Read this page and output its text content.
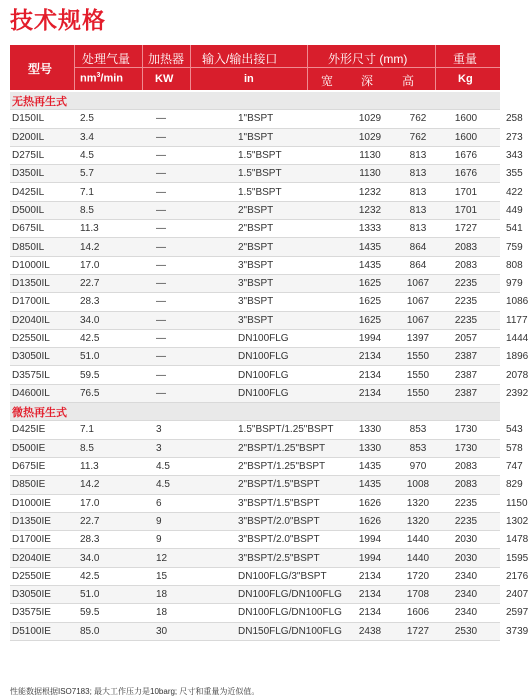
技术规格
型号
处理气量
$nm^3/\min$
加热器
KW
输入/输出接口
in
外形尺寸 (mm)
宽 深 高
重量
Kg
无热再生式							
D150IL	2.5	—	1"BSPT	1029	762	1600	258
D200IL	3.4	—	1"BSPT	1029	762	1600	273
D275IL	4.5	—	1.5"BSPT	1130	813	1676	343
D350IL	5.7	—	1.5"BSPT	1130	813	1676	355
D425IL	7.1	—	1.5"BSPT	1232	813	1701	422
D500IL	8.5	—	2"BSPT	1232	813	1701	449
D675IL	11.3	—	2"BSPT	1333	813	1727	541
D850IL	14.2	—	2"BSPT	1435	864	2083	759
D1000IL	17.0	—	3"BSPT	1435	864	2083	808
D1350IL	22.7	—	3"BSPT	1625	1067	2235	979
D1700IL	28.3	—	3"BSPT	1625	1067	2235	1086
D2040IL	34.0	—	3"BSPT	1625	1067	2235	1177
D2550IL	42.5	—	DN100FLG	1994	1397	2057	1444
D3050IL	51.0	—	DN100FLG	2134	1550	2387	1896
D3575IL	59.5	—	DN100FLG	2134	1550	2387	2078
D4600IL	76.5	—	DN100FLG	2134	1550	2387	2392
微热再生式							
D425IE	7.1	3	1.5"BSPT/1.25"BSPT	1330	853	1730	543
D500IE	8.5	3	2"BSPT/1.25"BSPT	1330	853	1730	578
D675IE	11.3	4.5	2"BSPT/1.25"BSPT	1435	970	2083	747
D850IE	14.2	4.5	2"BSPT/1.5"BSPT	1435	1008	2083	829
D1000IE	17.0	6	3"BSPT/1.5"BSPT	1626	1320	2235	1150
D1350IE	22.7	9	3"BSPT/2.0"BSPT	1626	1320	2235	1302
D1700IE	28.3	9	3"BSPT/2.0"BSPT	1994	1440	2030	1478
D2040IE	34.0	12	3"BSPT/2.5"BSPT	1994	1440	2030	1595
D2550IE	42.5	15	DN100FLG/3"BSPT	2134	1720	2340	2176
D3050IE	51.0	18	DN100FLG/DN100FLG	2134	1708	2340	2407
D3575IE	59.5	18	DN100FLG/DN100FLG	2134	1606	2340	2597
D5100IE	85.0	30	DN150FLG/DN100FLG	2438	1727	2530	3739
性能数据根据ISO7183; 最大工作压力是10barg; 尺寸和重量为近似值。
